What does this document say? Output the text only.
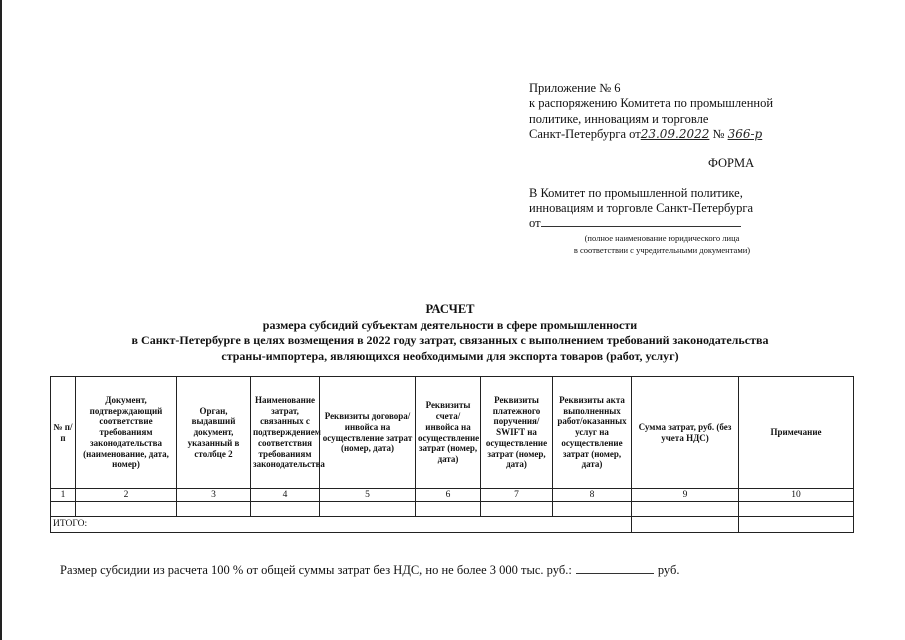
Приложение № 6
к распоряжению Комитета по промышленной
политике, инновациям и торговле
Санкт-Петербурга от23.09.2022 № 366-р
ФОРМА
В Комитет по промышленной политике,
инновациям и торговле Санкт-Петербурга
от
(полное наименование юридического лица
в соответствии с учредительными документами)
РАСЧЕТ
размера субсидий субъектам деятельности в сфере промышленности
в Санкт-Петербурге в целях возмещения в 2022 году затрат, связанных с выполнением требований законодательства
страны-импортера, являющихся необходимыми для экспорта товаров (работ, услуг)
№ п/п	Документ, подтверждающий соответствие требованиям законодательства (наименование, дата, номер)	Орган, выдавший документ, указанный в столбце 2	Наименование затрат, связанных с подтверждением соответствия требованиям законодательства	Реквизиты договора/ инвойса на осуществление затрат (номер, дата)	Реквизиты счета/ инвойса на осуществление затрат (номер, дата)	Реквизиты платежного поручения/ SWIFT на осуществление затрат (номер, дата)	Реквизиты акта выполненных работ/оказанных услуг на осуществление затрат (номер, дата)	Сумма затрат, руб. (без учета НДС)	Примечание
1	2	3	4	5	6	7	8	9	10

ИТОГО:									
Размер субсидии из расчета 100 % от общей суммы затрат без НДС, но не более 3 000 тыс. руб.:	руб.
